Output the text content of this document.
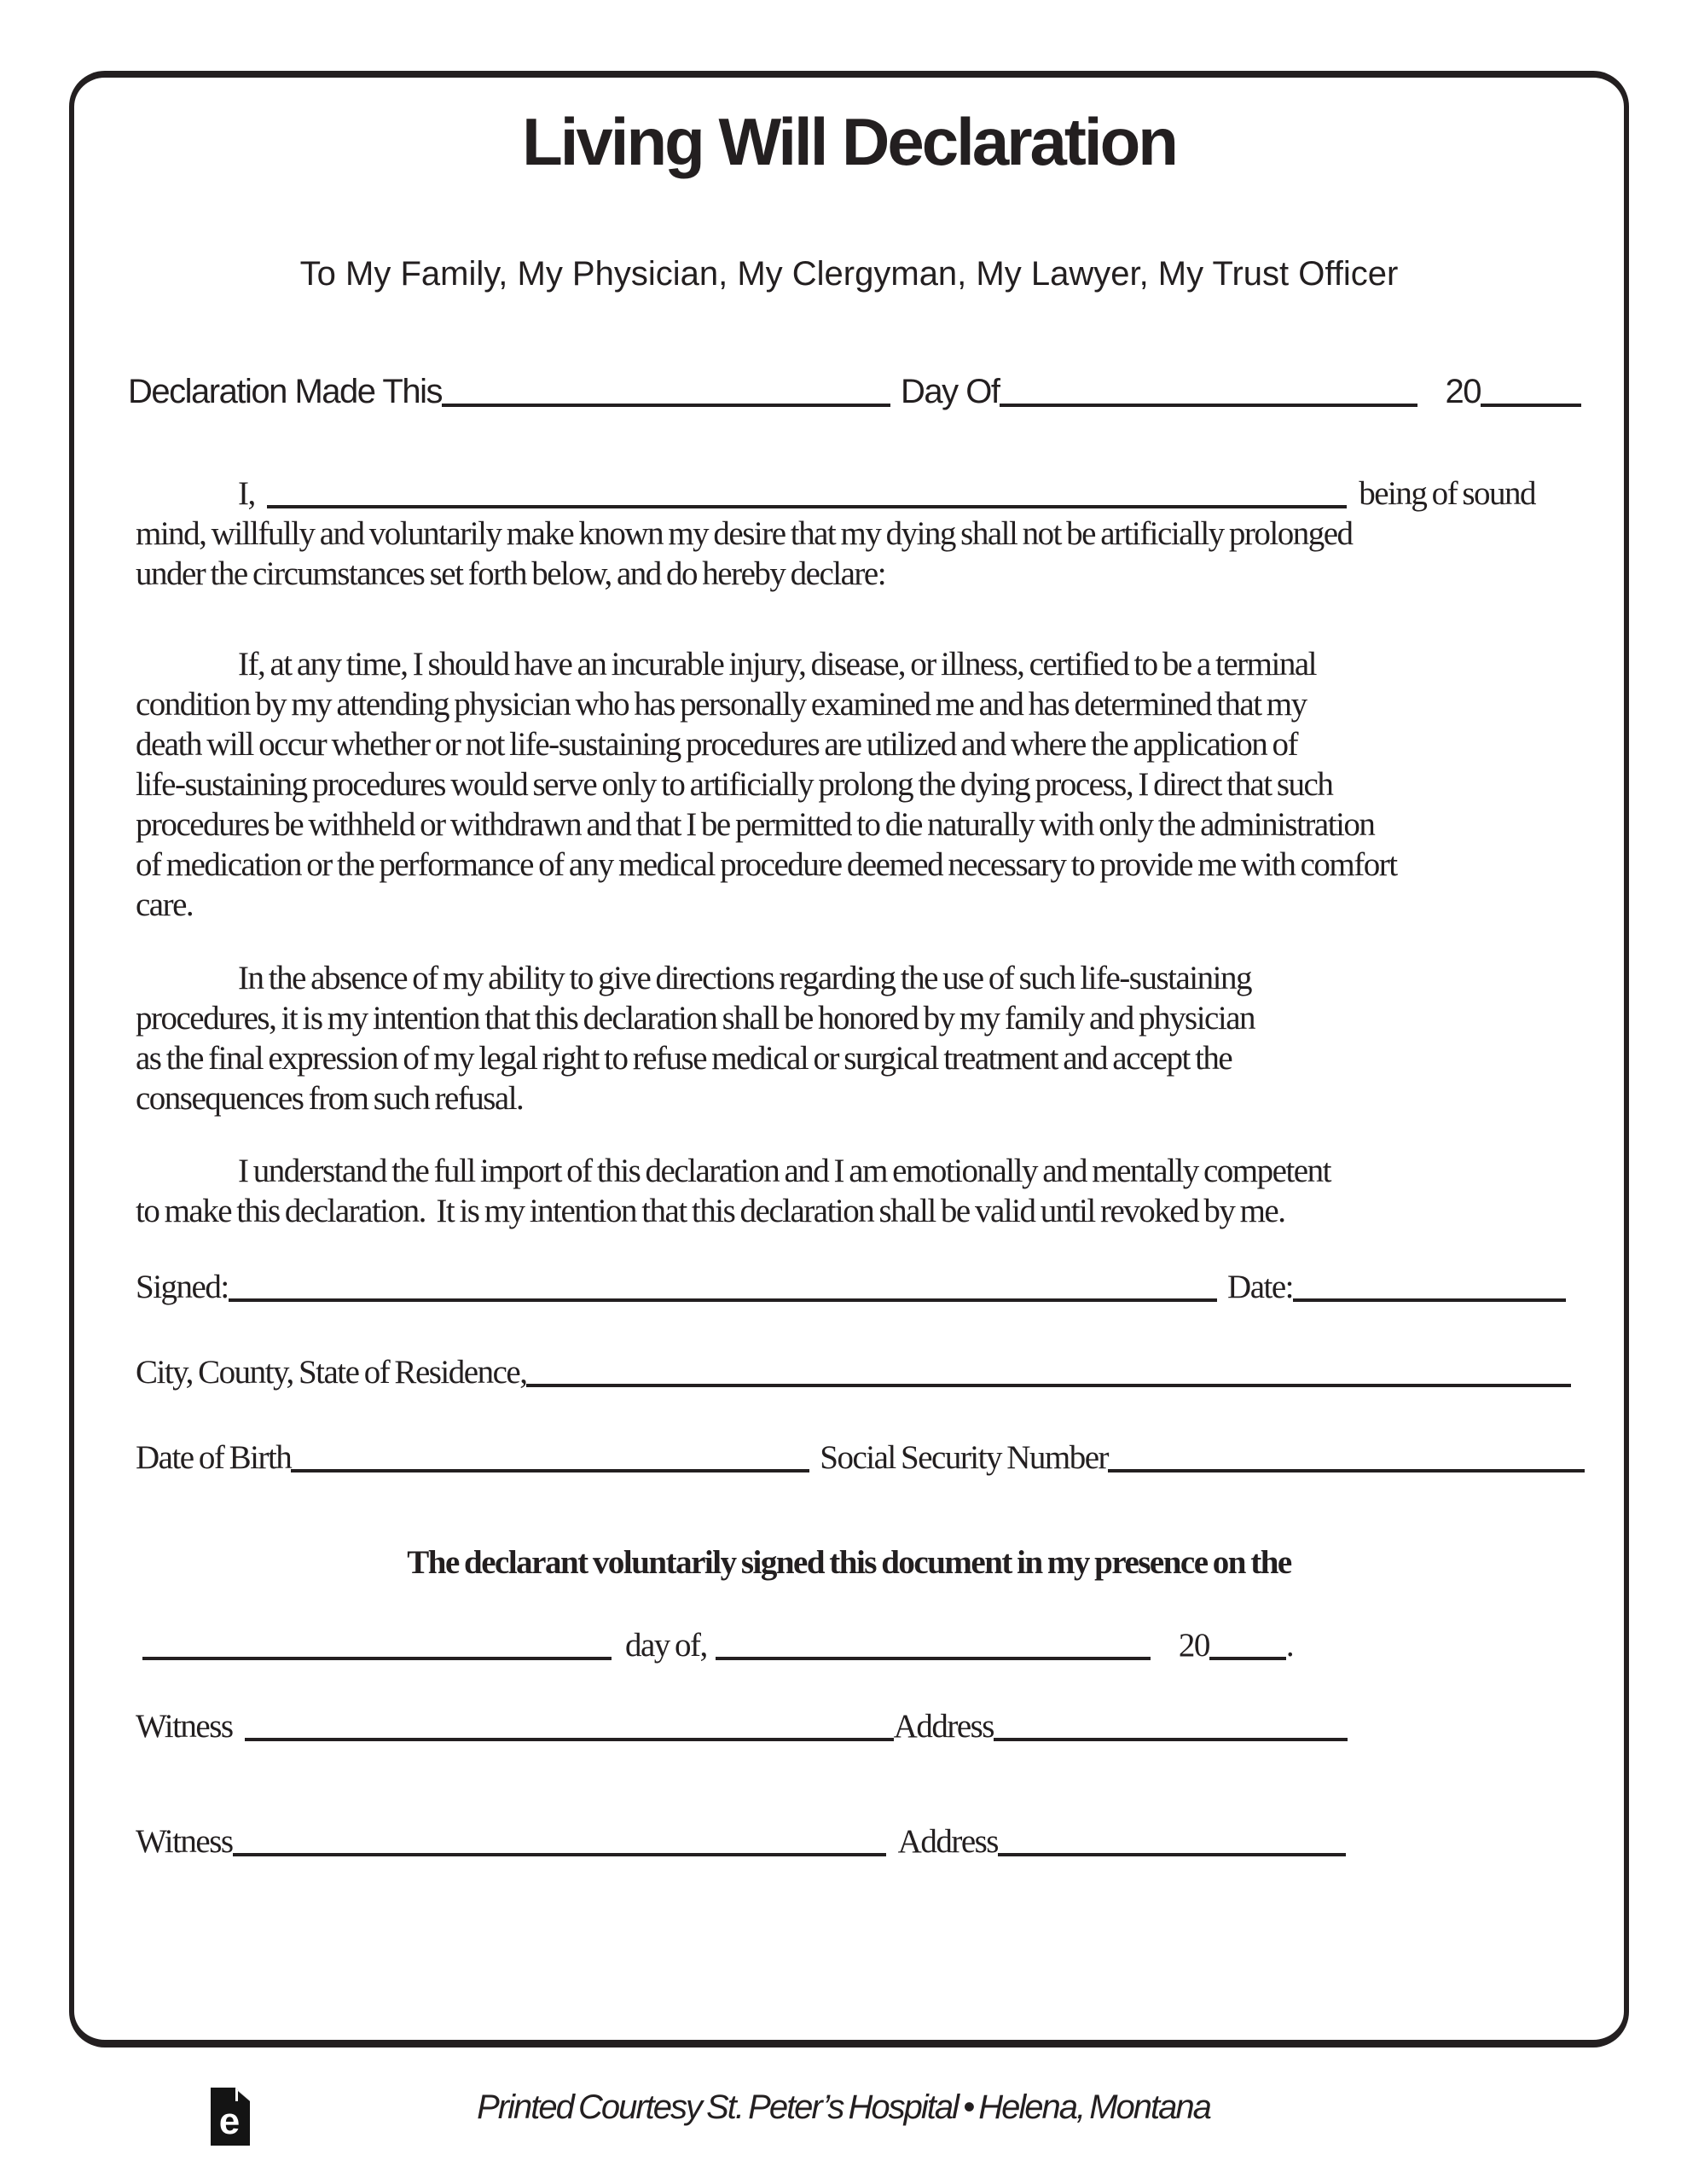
Living Will Declaration
To My Family, My Physician, My Clergyman, My Lawyer, My Trust Officer
Declaration Made This	Day Of	20
I,	being of sound
mind, willfully and voluntarily make known my desire that my dying shall not be artificially prolonged
under the circumstances set forth below, and do hereby declare:
If, at any time, I should have an incurable injury, disease, or illness, certified to be a terminal
condition by my attending physician who has personally examined me and has determined that my
death will occur whether or not life-sustaining procedures are utilized and where the application of
life-sustaining procedures would serve only to artificially prolong the dying process, I direct that such
procedures be withheld or withdrawn and that I be permitted to die naturally with only the administration
of medication or the performance of any medical procedure deemed necessary to provide me with comfort
care.
In the absence of my ability to give directions regarding the use of such life-sustaining
procedures, it is my intention that this declaration shall be honored by my family and physician
as the final expression of my legal right to refuse medical or surgical treatment and accept the
consequences from such refusal.
I understand the full import of this declaration and I am emotionally and mentally competent
to make this declaration.  It is my intention that this declaration shall be valid until revoked by me.
Signed:	Date:
City, County, State of Residence,
Date of Birth	Social Security Number
The declarant voluntarily signed this document in my presence on the
day of,	20 .
Witness	Address
Witness	Address
e	Printed Courtesy St. Peter’s Hospital • Helena, Montana
